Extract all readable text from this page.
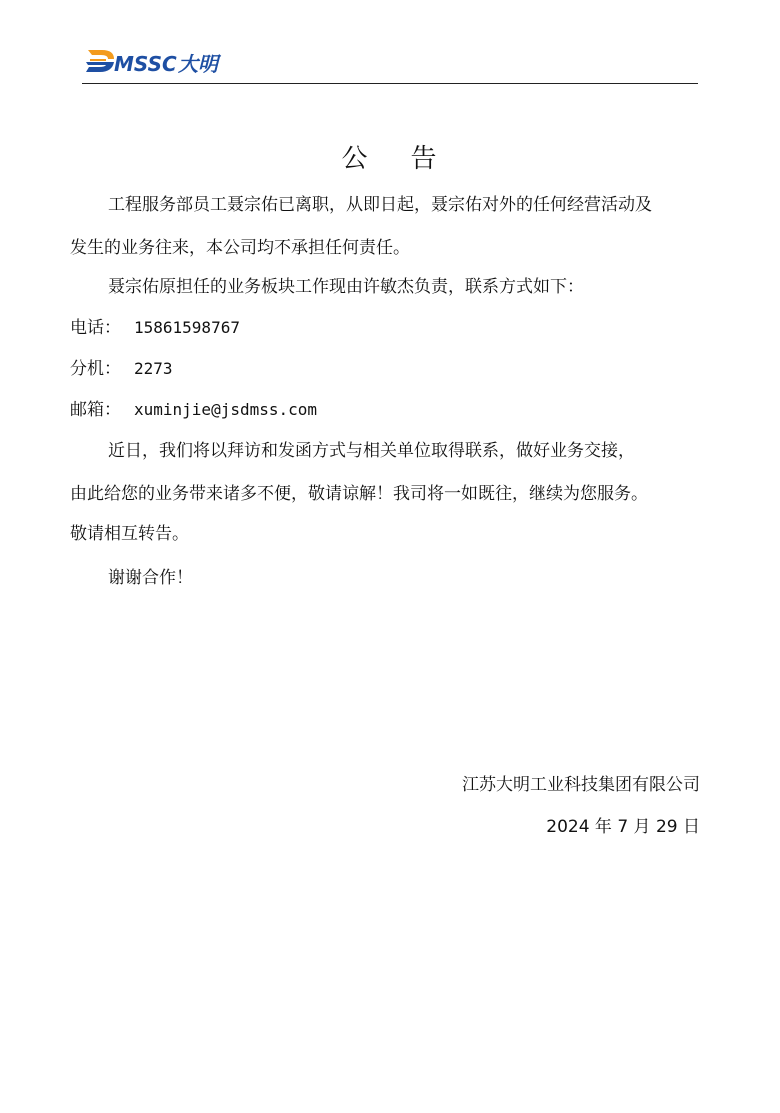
MSSC 大明
公    告

工程服务部员工聂宗佑已离职，从即日起，聂宗佑对外的任何经营活动及

发生的业务往来，本公司均不承担任何责任。

聂宗佑原担任的业务板块工作现由许敏杰负责，联系方式如下：

电话： 15861598767

分机： 2273

邮箱： xuminjie@jsdmss.com

近日，我们将以拜访和发函方式与相关单位取得联系，做好业务交接，

由此给您的业务带来诸多不便，敬请谅解！我司将一如既往，继续为您服务。

敬请相互转告。

谢谢合作！

江苏大明工业科技集团有限公司

2024 年 7 月 29 日
